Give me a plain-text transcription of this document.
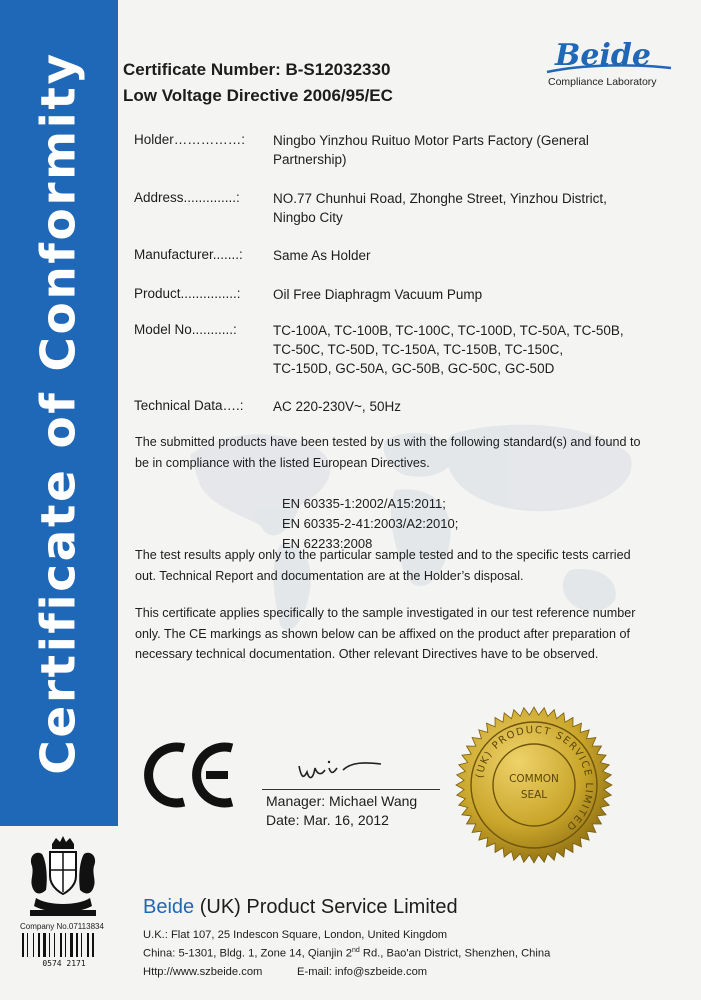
Certificate of Conformity Certificate Number: B-S12032330
Low Voltage Directive 2006/95/EC
Beide
Compliance Laboratory
Holder……………: Ningbo Yinzhou Ruituo Motor Parts Factory (General
Partnership)
Address..............: NO.77 Chunhui Road, Zhonghe Street, Yinzhou District,
Ningbo City
Manufacturer.......: Same As Holder
Product...............: Oil Free Diaphragm Vacuum Pump
Model No...........:	TC-100A, TC-100B, TC-100C, TC-100D, TC-50A, TC-50B,
TC-50C, TC-50D, TC-150A, TC-150B, TC-150C,
TC-150D, GC-50A, GC-50B, GC-50C, GC-50D
Technical Data….: AC 220-230V~, 50Hz
The submitted products have been tested by us with the following standard(s) and found to
be in compliance with the listed European Directives.
EN 60335-1:2002/A15:2011;
EN 60335-2-41:2003/A2:2010;
EN 62233:2008
The test results apply only to the particular sample tested and to the specific tests carried
out. Technical Report and documentation are at the Holder’s disposal.
This certificate applies specifically to the sample investigated in our test reference number
only. The CE markings as shown below can be affixed on the product after preparation of
necessary technical documentation. Other relevant Directives have to be observed.
Manager: Michael Wang
Date: Mar. 16, 2012
(UK) PRODUCT SERVICE LIMITED
COMMON
SEAL
Company No.07113834
0574 2171
Beide (UK) Product Service Limited
U.K.: Flat 107, 25 Indescon Square, London, United Kingdom
China: 5-1301, Bldg. 1, Zone 14, Qianjin 2nd Rd., Bao'an District, Shenzhen, China
Http://www.szbeide.com	E-mail: info@szbeide.com
